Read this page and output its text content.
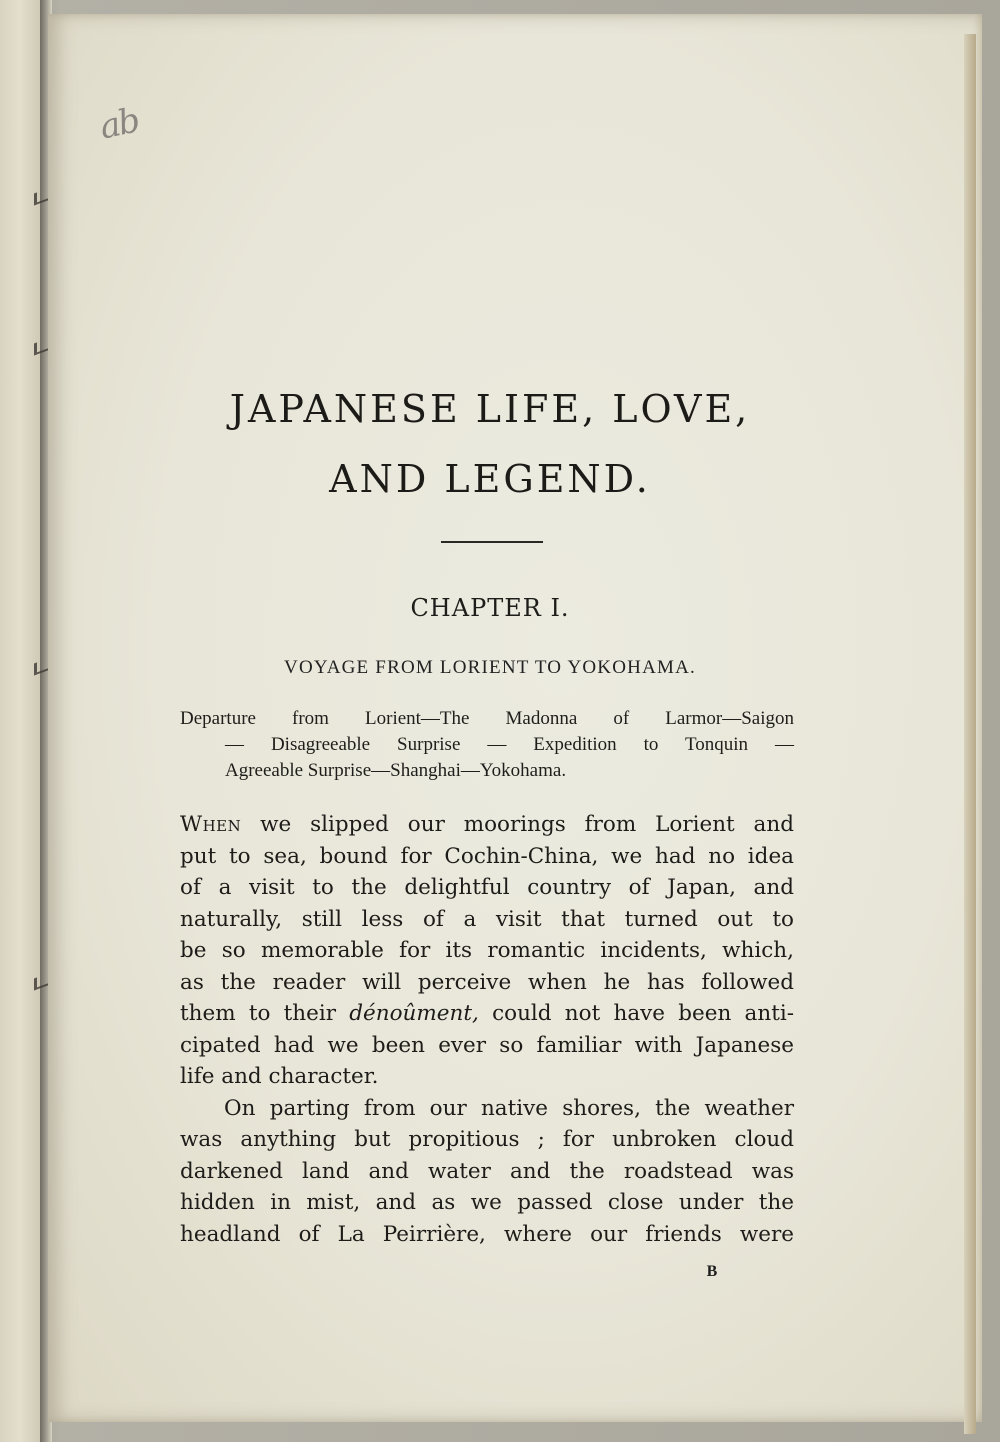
ab
JAPANESE LIFE, LOVE,
AND LEGEND.
CHAPTER I.
VOYAGE FROM LORIENT TO YOKOHAMA.
Departure from Lorient—The Madonna of Larmor—Saigon
— Disagreeable Surprise — Expedition to Tonquin —
Agreeable Surprise—Shanghai—Yokohama.
When we slipped our moorings from Lorient and
put to sea, bound for Cochin-China, we had no idea
of a visit to the delightful country of Japan, and
naturally, still less of a visit that turned out to
be so memorable for its romantic incidents, which,
as the reader will perceive when he has followed
them to their dénoûment, could not have been anti-
cipated had we been ever so familiar with Japanese
life and character.
On parting from our native shores, the weather
was anything but propitious ; for unbroken cloud
darkened land and water and the roadstead was
hidden in mist, and as we passed close under the
headland of La Peirrière, where our friends were
B
